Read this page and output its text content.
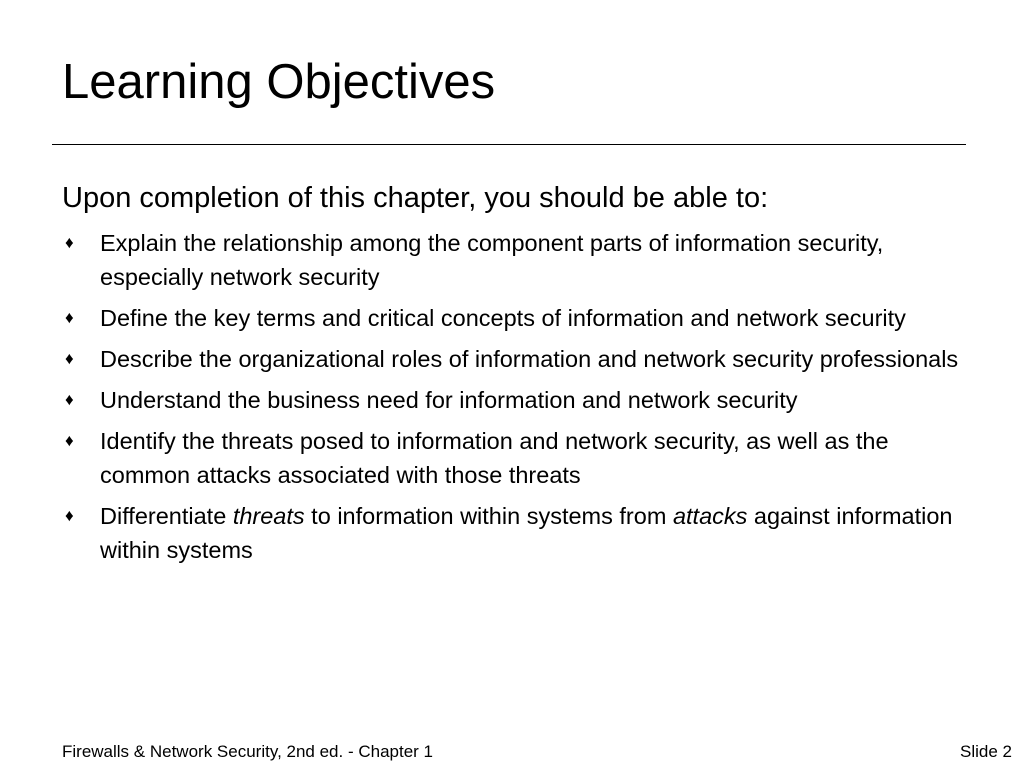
Learning Objectives
Upon completion of this chapter, you should be able to:
♦ Explain the relationship among the component parts of information security, especially network security
♦ Define the key terms and critical concepts of information and network security
♦ Describe the organizational roles of information and network security professionals
♦ Understand the business need for information and network security
♦ Identify the threats posed to information and network security, as well as the common attacks associated with those threats
♦ Differentiate threats to information within systems from attacks against information within systems
Firewalls & Network Security, 2nd ed. - Chapter 1	Slide 2
